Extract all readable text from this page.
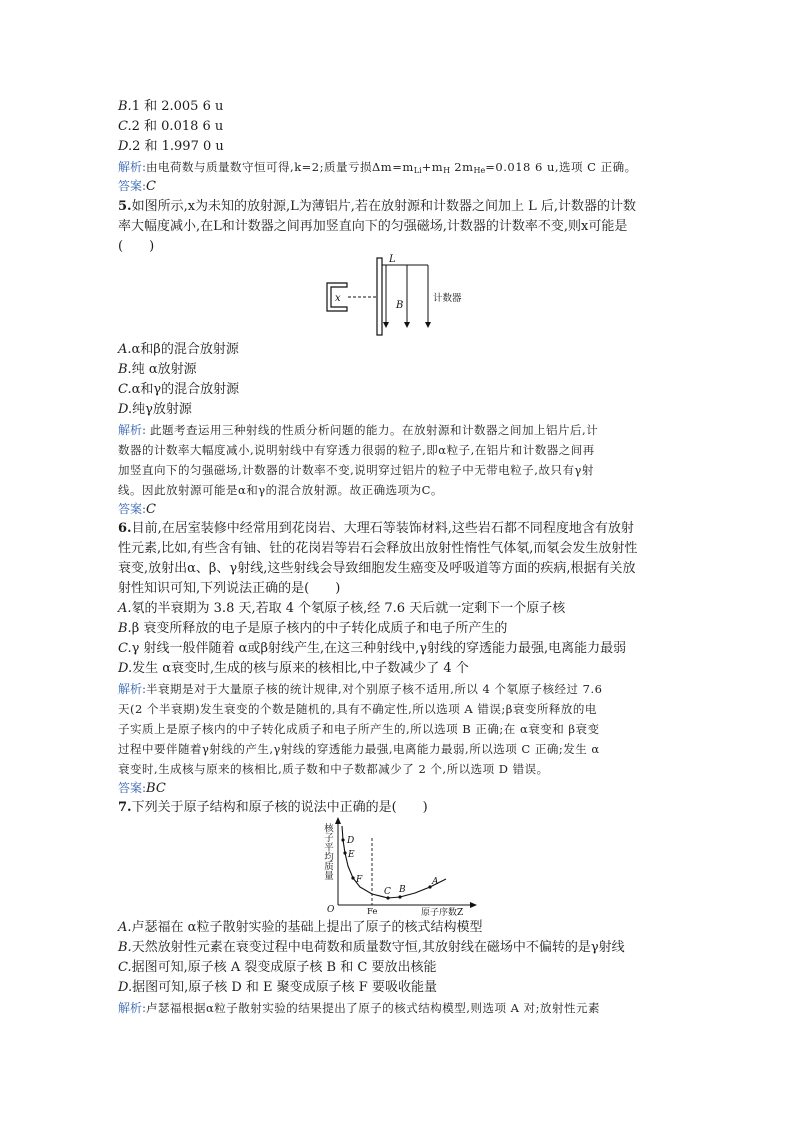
B.1 和 2.005 6 u
C.2 和 0.018 6 u
D.2 和 1.997 0 u
解析:由电荷数与质量数守恒可得,k=2;质量亏损$\Delta m=m_{Li}+m_H$ $2m_{He}=0.018$ 6 u,选项 C 正确。
答案:C
5.如图所示,x为未知的放射源,L为薄铝片,若在放射源和计数器之间加上 L 后,计数器的计数
率大幅度减小,在L和计数器之间再加竖直向下的匀强磁场,计数器的计数率不变,则x可能是
(　　)
x
L
B
计数器
A.α和β的混合放射源
B.纯 α放射源
C.α和γ的混合放射源
D.纯γ放射源
解析: 此题考查运用三种射线的性质分析问题的能力。在放射源和计数器之间加上铝片后,计
数器的计数率大幅度减小,说明射线中有穿透力很弱的粒子,即α粒子,在铝片和计数器之间再
加竖直向下的匀强磁场,计数器的计数率不变,说明穿过铝片的粒子中无带电粒子,故只有γ射
线。因此放射源可能是α和γ的混合放射源。故正确选项为C。
答案:C
6.目前,在居室装修中经常用到花岗岩、大理石等装饰材料,这些岩石都不同程度地含有放射
性元素,比如,有些含有铀、钍的花岗岩等岩石会释放出放射性惰性气体氡,而氡会发生放射性
衰变,放射出α、β、γ射线,这些射线会导致细胞发生癌变及呼吸道等方面的疾病,根据有关放
射性知识可知,下列说法正确的是(　　)
A.氡的半衰期为 3.8 天,若取 4 个氡原子核,经 7.6 天后就一定剩下一个原子核
B.β 衰变所释放的电子是原子核内的中子转化成质子和电子所产生的
C.γ 射线一般伴随着 α或β射线产生,在这三种射线中,γ射线的穿透能力最强,电离能力最弱
D.发生 α衰变时,生成的核与原来的核相比,中子数减少了 4 个
解析:半衰期是对于大量原子核的统计规律,对个别原子核不适用,所以 4 个氡原子核经过 7.6
天(2 个半衰期)发生衰变的个数是随机的,具有不确定性,所以选项 A 错误;β衰变所释放的电
子实质上是原子核内的中子转化成质子和电子所产生的,所以选项 B 正确;在 α衰变和 β衰变
过程中要伴随着γ射线的产生,γ射线的穿透能力最强,电离能力最弱,所以选项 C 正确;发生 α
衰变时,生成核与原来的核相比,质子数和中子数都减少了 2 个,所以选项 D 错误。
答案:BC
7.下列关于原子结构和原子核的说法中正确的是(　　)
核子平均质量
O	原子序数Z
Fe
D
E
F
C B
A
A.卢瑟福在 α粒子散射实验的基础上提出了原子的核式结构模型
B.天然放射性元素在衰变过程中电荷数和质量数守恒,其放射线在磁场中不偏转的是γ射线
C.据图可知,原子核 A 裂变成原子核 B 和 C 要放出核能
D.据图可知,原子核 D 和 E 聚变成原子核 F 要吸收能量
解析:卢瑟福根据α粒子散射实验的结果提出了原子的核式结构模型,则选项 A 对;放射性元素
